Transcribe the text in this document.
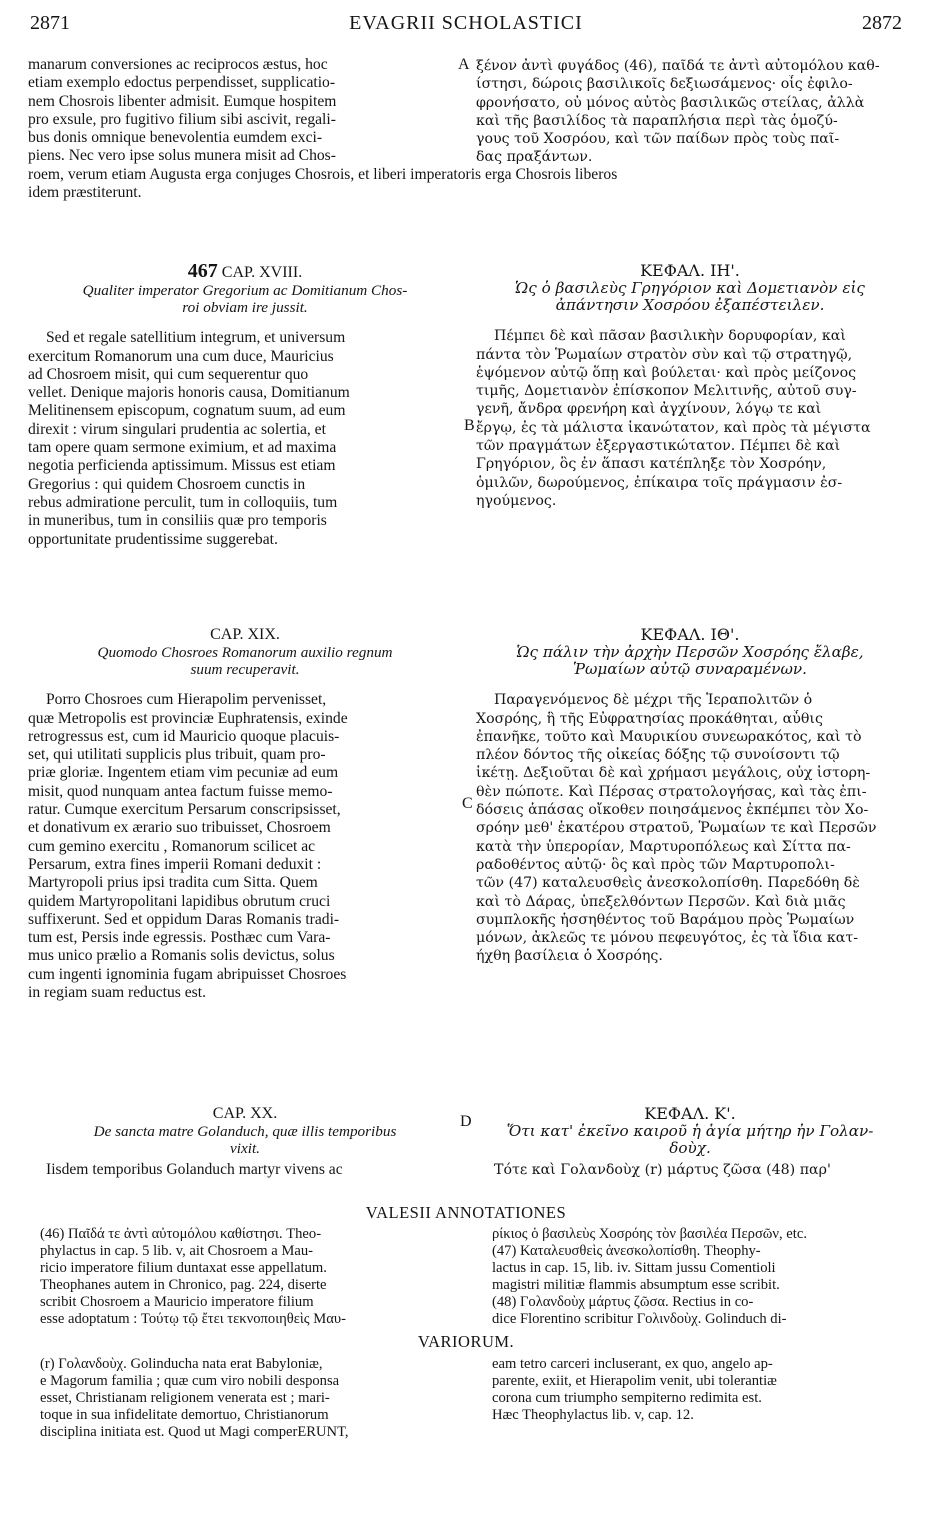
2871	EVAGRII SCHOLASTICI	2872
manarum conversiones ac reciprocos æstus, hoc
etiam exemplo edoctus perpendisset, supplicatio-
nem Chosrois libenter admisit. Eumque hospitem
pro exsule, pro fugitivo filium sibi ascivit, regali-
bus donis omnique benevolentia eumdem exci-
piens. Nec vero ipse solus munera misit ad Chos-
A ξένον ἀντὶ φυγάδος (46), παῖδά τε ἀντὶ αὐτομόλου καθ-
ίστησι, δώροις βασιλικοῖς δεξιωσάμενος· οἷς ἐφιλο-
φρονήσατο, οὐ μόνος αὐτὸς βασιλικῶς στείλας, ἀλλὰ
καὶ τῆς βασιλίδος τὰ παραπλήσια περὶ τὰς ὁμοζύ-
γους τοῦ Χοσρόου, καὶ τῶν παίδων πρὸς τοὺς παῖ-
δας πραξάντων.
roem, verum etiam Augusta erga conjuges Chosrois, et liberi imperatoris erga Chosrois liberos
idem præstiterunt.
467 CAP. XVIII.
Qualiter imperator Gregorium ac Domitianum Chos-
roi obviam ire jussit.
Sed et regale satellitium integrum, et universum
exercitum Romanorum una cum duce, Mauricius
ad Chosroem misit, qui cum sequerentur quo
vellet. Denique majoris honoris causa, Domitianum
Melitinensem episcopum, cognatum suum, ad eum
direxit : virum singulari prudentia ac solertia, et
tam opere quam sermone eximium, et ad maxima
negotia perficienda aptissimum. Missus est etiam
Gregorius : qui quidem Chosroem cunctis in
rebus admiratione perculit, tum in colloquiis, tum
in muneribus, tum in consiliis quæ pro temporis
opportunitate prudentissime suggerebat.
B
ΚΕΦΑΛ. ΙΗ'.
Ὡς ὁ βασιλεὺς Γρηγόριον καὶ Δομετιανὸν εἰς
ἀπάντησιν Χοσρόου ἐξαπέστειλεν.
Πέμπει δὲ καὶ πᾶσαν βασιλικὴν δορυφορίαν, καὶ
πάντα τὸν Ῥωμαίων στρατὸν σὺν καὶ τῷ στρατηγῷ,
ἑψόμενον αὐτῷ ὅπῃ καὶ βούλεται· καὶ πρὸς μείζονος
τιμῆς, Δομετιανὸν ἐπίσκοπον Μελιτινῆς, αὐτοῦ συγ-
γενῆ, ἄνδρα φρενήρη καὶ ἀγχίνουν, λόγῳ τε καὶ
ἔργῳ, ἐς τὰ μάλιστα ἱκανώτατον, καὶ πρὸς τὰ μέγιστα
τῶν πραγμάτων ἐξεργαστικώτατον. Πέμπει δὲ καὶ
Γρηγόριον, ὃς ἐν ἅπασι κατέπληξε τὸν Χοσρόην,
ὁμιλῶν, δωρούμενος, ἐπίκαιρα τοῖς πράγμασιν ἐσ-
ηγούμενος.
CAP. XIX.
Quomodo Chosroes Romanorum auxilio regnum
suum recuperavit.
Porro Chosroes cum Hierapolim pervenisset,
quæ Metropolis est provinciæ Euphratensis, exinde
retrogressus est, cum id Mauricio quoque placuis-
set, qui utilitati supplicis plus tribuit, quam pro-
priæ gloriæ. Ingentem etiam vim pecuniæ ad eum
misit, quod nunquam antea factum fuisse memo-
ratur. Cumque exercitum Persarum conscripsisset,
et donativum ex ærario suo tribuisset, Chosroem
cum gemino exercitu , Romanorum scilicet ac
Persarum, extra fines imperii Romani deduxit :
Martyropoli prius ipsi tradita cum Sitta. Quem
quidem Martyropolitani lapidibus obrutum cruci
suffixerunt. Sed et oppidum Daras Romanis tradi-
tum est, Persis inde egressis. Posthæc cum Vara-
mus unico prælio a Romanis solis devictus, solus
cum ingenti ignominia fugam abripuisset Chosroes
in regiam suam reductus est.
C
ΚΕΦΑΛ. ΙΘ'.
Ὡς πάλιν τὴν ἀρχὴν Περσῶν Χοσρόης ἔλαβε,
Ῥωμαίων αὐτῷ συναραμένων.
Παραγενόμενος δὲ μέχρι τῆς Ἱεραπολιτῶν ὁ
Χοσρόης, ἣ τῆς Εὐφρατησίας προκάθηται, αὖθις
ἐπανῆκε, τοῦτο καὶ Μαυρικίου συνεωρακότος, καὶ τὸ
πλέον δόντος τῆς οἰκείας δόξης τῷ συνοίσοντι τῷ
ἱκέτῃ. Δεξιοῦται δὲ καὶ χρήμασι μεγάλοις, οὐχ ἱστορη-
θὲν πώποτε. Καὶ Πέρσας στρατολογήσας, καὶ τὰς ἐπι-
δόσεις ἁπάσας οἴκοθεν ποιησάμενος ἐκπέμπει τὸν Χο-
σρόην μεθ' ἑκατέρου στρατοῦ, Ῥωμαίων τε καὶ Περσῶν
κατὰ τὴν ὑπερορίαν, Μαρτυροπόλεως καὶ Σίττα πα-
ραδοθέντος αὐτῷ· ὃς καὶ πρὸς τῶν Μαρτυροπολι-
τῶν (47) καταλευσθεὶς ἀνεσκολοπίσθη. Παρεδόθη δὲ
καὶ τὸ Δάρας, ὑπεξελθόντων Περσῶν. Καὶ διὰ μιᾶς
συμπλοκῆς ἡσσηθέντος τοῦ Βαράμου πρὸς Ῥωμαίων
μόνων, ἀκλεῶς τε μόνου πεφευγότος, ἐς τὰ ἴδια κατ-
ήχθη βασίλεια ὁ Χοσρόης.
CAP. XX.
De sancta matre Golanduch, quæ illis temporibus
vixit.
Iisdem temporibus Golanduch martyr vivens ac
D	ΚΕΦΑΛ. Κ'.
Ὅτι κατ' ἐκεῖνο καιροῦ ἡ ἁγία μήτηρ ἦν Γολαν-
δοὺχ.
Τότε καὶ Γολανδοὺχ (r) μάρτυς ζῶσα (48) παρ'
VALESII ANNOTATIONES
(46) Παῖδά τε ἀντὶ αὐτομόλου καθίστησι. Theo-
phylactus in cap. 5 lib. v, ait Chosroem a Mau-
ricio imperatore filium duntaxat esse appellatum.
Theophanes autem in Chronico, pag. 224, diserte
scribit Chosroem a Mauricio imperatore filium
esse adoptatum : Τούτῳ τῷ ἔτει τεκνοποιηθεὶς Μαυ-
ρίκιος ὁ βασιλεὺς Χοσρόης τὸν βασιλέα Περσῶν, etc.
(47) Καταλευσθεὶς ἀνεσκολοπίσθη. Theophy-
lactus in cap. 15, lib. iv. Sittam jussu Comentioli
magistri militiæ flammis absumptum esse scribit.
(48) Γολανδοὺχ μάρτυς ζῶσα. Rectius in co-
dice Florentino scribitur Γολινδοὺχ. Golinduch di-
VARIORUM.
(r) Γολανδοὺχ. Golinducha nata erat Babyloniæ,
e Magorum familia ; quæ cum viro nobili desponsa
esset, Christianam religionem venerata est ; mari-
toque in sua infidelitate demortuo, Christianorum
disciplina initiata est. Quod ut Magi comperERUNT,
eam tetro carceri incluserant, ex quo, angelo ap-
parente, exiit, et Hierapolim venit, ubi tolerantiæ
corona cum triumpho sempiterno redimita est.
Hæc Theophylactus lib. v, cap. 12.
